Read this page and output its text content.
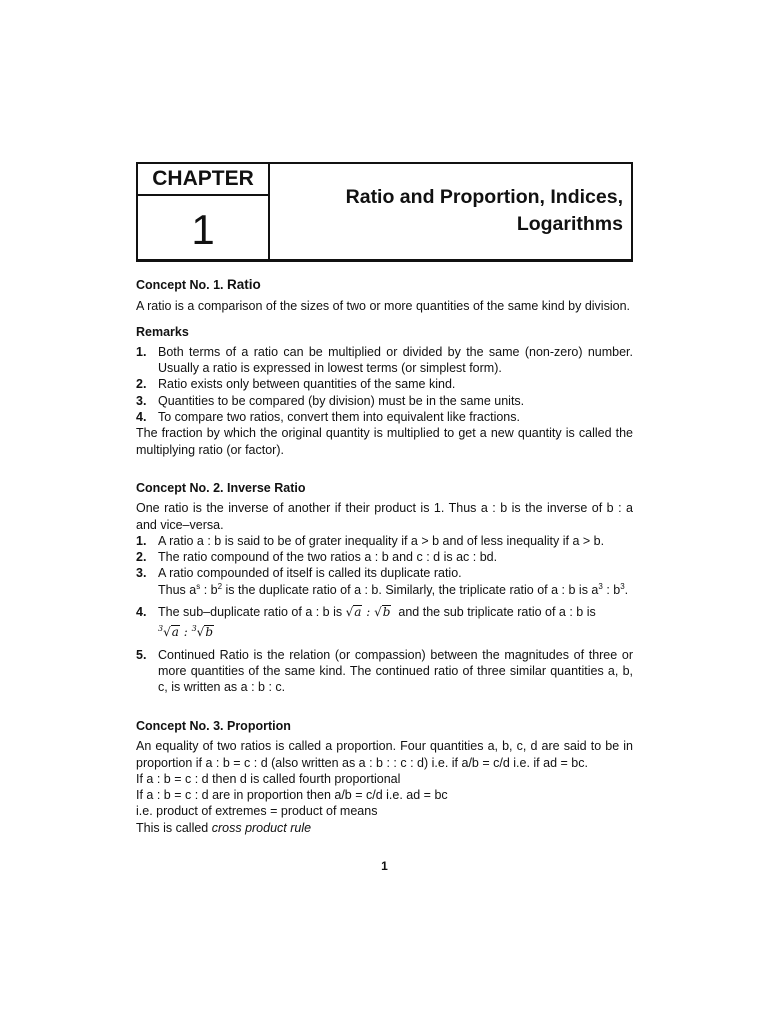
CHAPTER
1
Ratio and Proportion, Indices,
Logarithms

Concept No. 1. Ratio

A ratio is a comparison of the sizes of two or more quantities of the same kind by division.

Remarks

1. Both terms of a ratio can be multiplied or divided by the same (non-zero) number. Usually a ratio is expressed in lowest terms (or simplest form).
2. Ratio exists only between quantities of the same kind.
3. Quantities to be compared (by division) must be in the same units.
4. To compare two ratios, convert them into equivalent like fractions.

The fraction by which the original quantity is multiplied to get a new quantity is called the multiplying ratio (or factor).

Concept No. 2. Inverse Ratio

One ratio is the inverse of another if their product is 1. Thus a : b is the inverse of b : a and vice–versa.

1. A ratio a : b is said to be of grater inequality if a > b and of less inequality if a > b.
2. The ratio compound of the two ratios a : b and c : d is ac : bd.
3. A ratio compounded of itself is called its duplicate ratio.
Thus $a^s$ : $b^2$ is the duplicate ratio of a : b. Similarly, the triplicate ratio of a : b is $a^3$ : $b^3$.
4. The sub–duplicate ratio of a : b is √a : √b and the sub triplicate ratio of a : b is
$^3$√a : $^3$√b
5. Continued Ratio is the relation (or compassion) between the magnitudes of three or more quantities of the same kind. The continued ratio of three similar quantities a, b, c, is written as a : b : c.

Concept No. 3. Proportion

An equality of two ratios is called a proportion. Four quantities a, b, c, d are said to be in proportion if a : b = c : d (also written as a : b : : c : d) i.e. if a/b = c/d i.e. if ad = bc.

If a : b = c : d then d is called fourth proportional

If a : b = c : d are in proportion then a/b = c/d i.e. ad = bc

i.e. product of extremes = product of means

This is called cross product rule

1
